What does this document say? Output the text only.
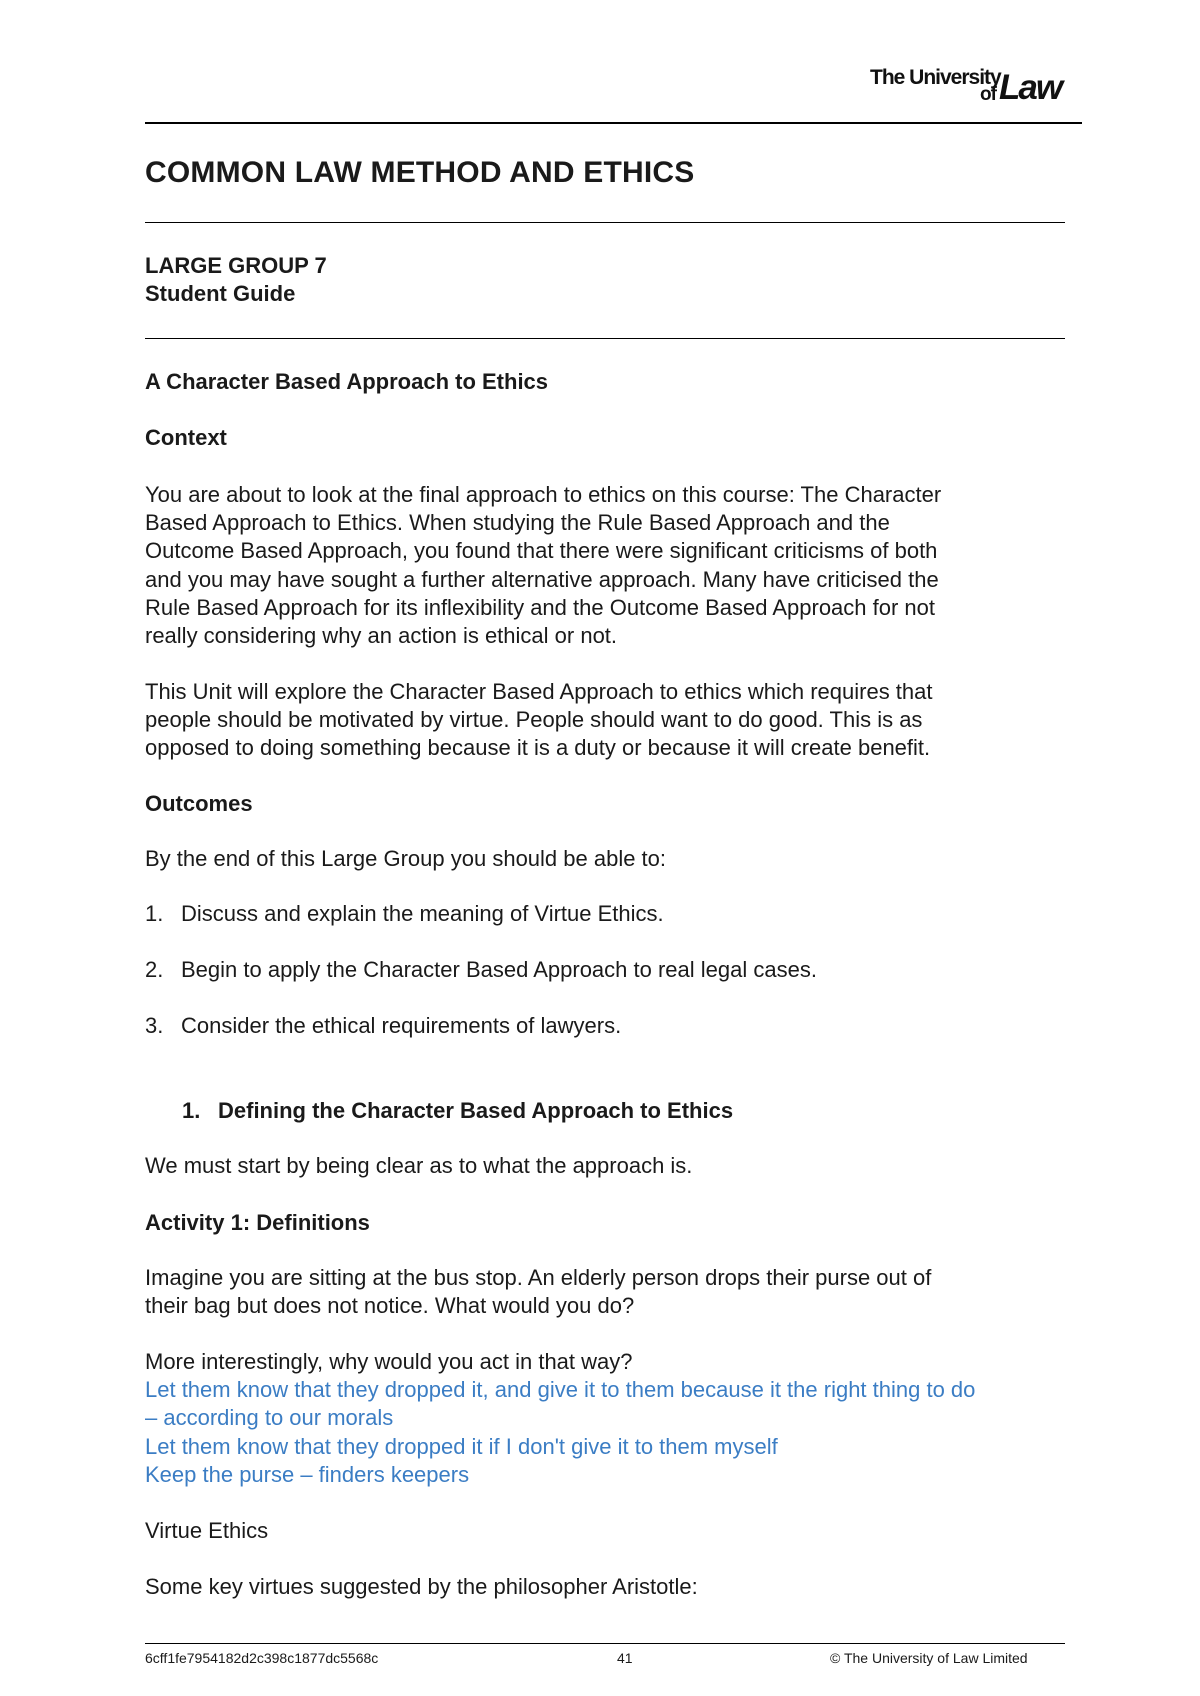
The University
of Law
COMMON LAW METHOD AND ETHICS
LARGE GROUP 7
Student Guide
A Character Based Approach to Ethics
Context
You are about to look at the final approach to ethics on this course: The Character
Based Approach to Ethics. When studying the Rule Based Approach and the
Outcome Based Approach, you found that there were significant criticisms of both
and you may have sought a further alternative approach. Many have criticised the
Rule Based Approach for its inflexibility and the Outcome Based Approach for not
really considering why an action is ethical or not.
This Unit will explore the Character Based Approach to ethics which requires that
people should be motivated by virtue. People should want to do good. This is as
opposed to doing something because it is a duty or because it will create benefit.
Outcomes
By the end of this Large Group you should be able to:
1. Discuss and explain the meaning of Virtue Ethics.
2. Begin to apply the Character Based Approach to real legal cases.
3. Consider the ethical requirements of lawyers.
1. Defining the Character Based Approach to Ethics
We must start by being clear as to what the approach is.
Activity 1: Definitions
Imagine you are sitting at the bus stop. An elderly person drops their purse out of
their bag but does not notice. What would you do?
More interestingly, why would you act in that way?
Let them know that they dropped it, and give it to them because it the right thing to do
– according to our morals
Let them know that they dropped it if I don't give it to them myself
Keep the purse – finders keepers
Virtue Ethics
Some key virtues suggested by the philosopher Aristotle:
6cff1fe7954182d2c398c1877dc5568c	41	© The University of Law Limited
